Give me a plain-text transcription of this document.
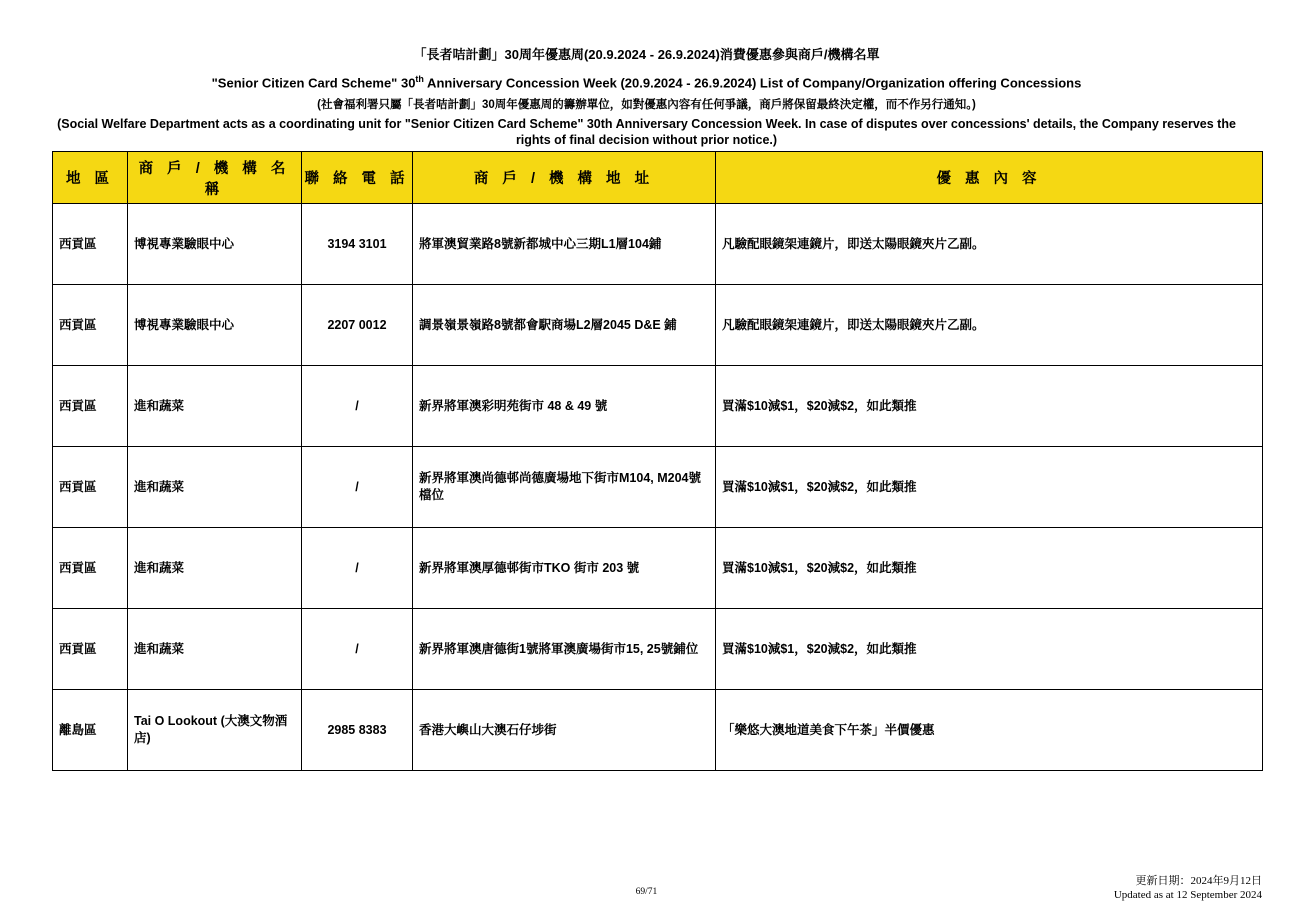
「長者咭計劃」30周年優惠周(20.9.2024 - 26.9.2024)消費優惠參與商戶/機構名單
"Senior Citizen Card Scheme" 30th Anniversary Concession Week (20.9.2024 - 26.9.2024) List of Company/Organization offering Concessions
(社會福利署只屬「長者咭計劃」30周年優惠周的籌辦單位，如對優惠內容有任何爭議，商戶將保留最終決定權，而不作另行通知。)
(Social Welfare Department acts as a coordinating unit for "Senior Citizen Card Scheme" 30th Anniversary Concession Week. In case of disputes over concessions' details, the Company reserves the rights of final decision without prior notice.)
地 區	商 戶 / 機 構 名 稱	聯 絡 電 話	商 戶 / 機 構 地 址	優 惠 內 容
西貢區	博視專業驗眼中心	3194 3101	將軍澳貿業路8號新都城中心三期L1層104鋪	凡驗配眼鏡架連鏡片，即送太陽眼鏡夾片乙副。
西貢區	博視專業驗眼中心	2207 0012	調景嶺景嶺路8號都會駅商場L2層2045 D&E 鋪	凡驗配眼鏡架連鏡片，即送太陽眼鏡夾片乙副。
西貢區	進和蔬菜	/	新界將軍澳彩明苑街市 48 & 49 號	買滿$10減$1，$20減$2，如此類推
西貢區	進和蔬菜	/	新界將軍澳尚德邨尚德廣場地下街市M104, M204號檔位	買滿$10減$1，$20減$2，如此類推
西貢區	進和蔬菜	/	新界將軍澳厚德邨街市TKO 街市 203 號	買滿$10減$1，$20減$2，如此類推
西貢區	進和蔬菜	/	新界將軍澳唐德街1號將軍澳廣場街市15, 25號鋪位	買滿$10減$1，$20減$2，如此類推
離島區	Tai O Lookout (大澳文物酒店)	2985 8383	香港大嶼山大澳石仔埗街	「樂悠大澳地道美食下午茶」半價優惠
69/71
更新日期：2024年9月12日
Updated as at 12 September 2024
